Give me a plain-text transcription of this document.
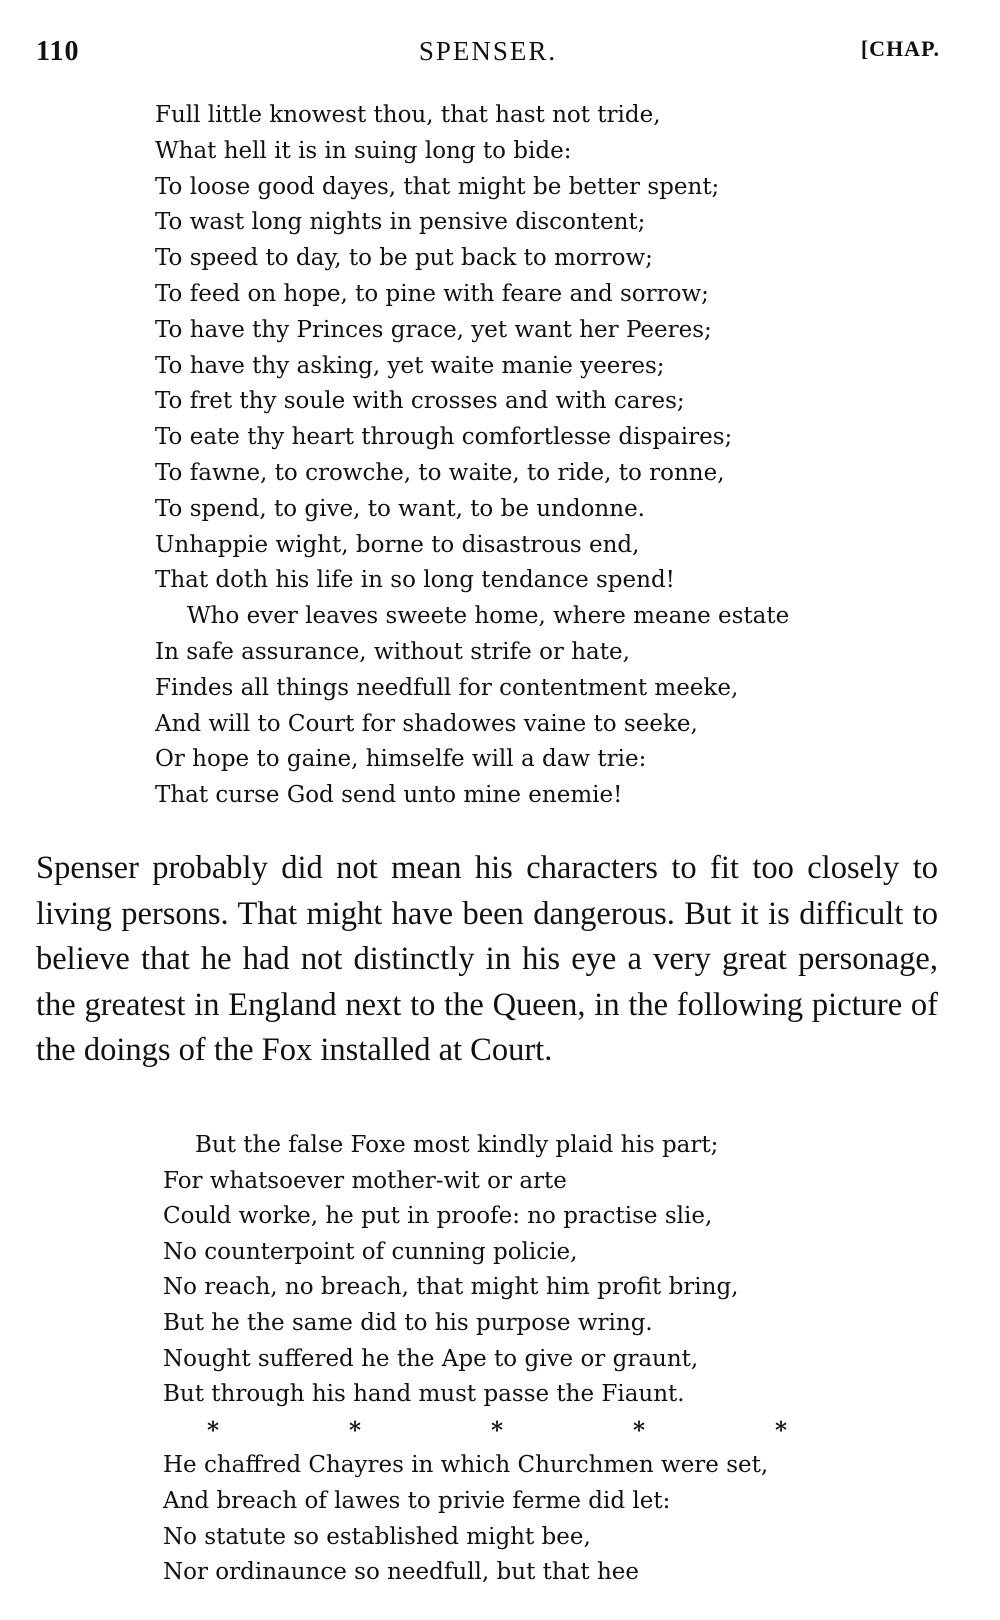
110	SPENSER.	[CHAP.
Full little knowest thou, that hast not tride,
What hell it is in suing long to bide:
To loose good dayes, that might be better spent;
To wast long nights in pensive discontent;
To speed to day, to be put back to morrow;
To feed on hope, to pine with feare and sorrow;
To have thy Princes grace, yet want her Peeres;
To have thy asking, yet waite manie yeeres;
To fret thy soule with crosses and with cares;
To eate thy heart through comfortlesse dispaires;
To fawne, to crowche, to waite, to ride, to ronne,
To spend, to give, to want, to be undonne.
Unhappie wight, borne to disastrous end,
That doth his life in so long tendance spend!
Who ever leaves sweete home, where meane estate
In safe assurance, without strife or hate,
Findes all things needfull for contentment meeke,
And will to Court for shadowes vaine to seeke,
Or hope to gaine, himselfe will a daw trie:
That curse God send unto mine enemie!

Spenser probably did not mean his characters to fit too closely to living persons. That might have been dangerous. But it is difficult to believe that he had not distinctly in his eye a very great personage, the greatest in England next to the Queen, in the following picture of the doings of the Fox installed at Court.

But the false Foxe most kindly plaid his part;
For whatsoever mother-wit or arte
Could worke, he put in proofe: no practise slie,
No counterpoint of cunning policie,
No reach, no breach, that might him profit bring,
But he the same did to his purpose wring.
Nought suffered he the Ape to give or graunt,
But through his hand must passe the Fiaunt.
*	*	*	*	*
He chaffred Chayres in which Churchmen were set,
And breach of lawes to privie ferme did let:
No statute so established might bee,
Nor ordinaunce so needfull, but that hee
